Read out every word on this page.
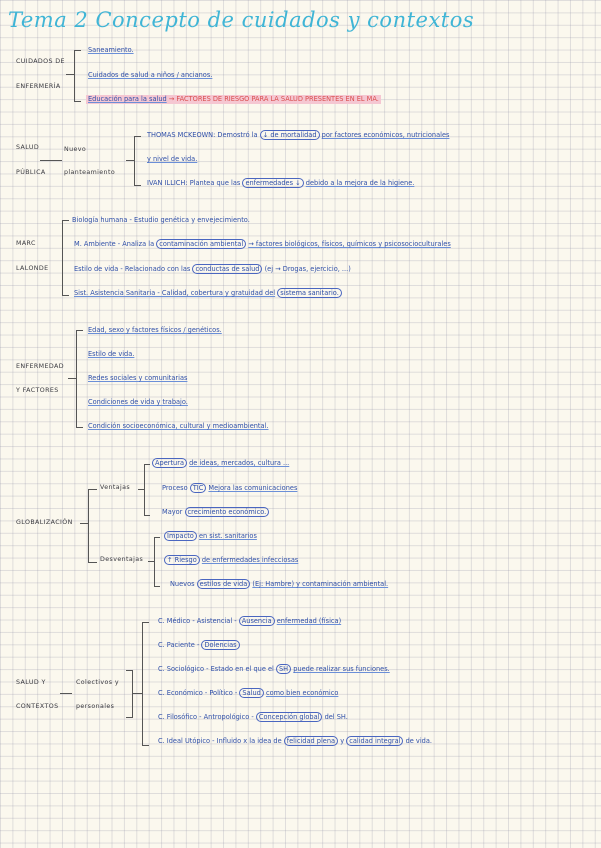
Tema 2 Concepto de cuidados y contextos
CUIDADOS DE
ENFERMERÍA
Saneamiento.
Cuidados de salud a niños / ancianos.
Educación para la salud → FACTORES DE RIESGO PARA LA SALUD PRESENTES EN EL MA.
SALUD
PÚBLICA
Nuevo
planteamiento
THOMAS MCKEOWN: Demostró la ↓ de mortalidad por factores económicos, nutricionales
y nivel de vida.
IVAN ILLICH: Plantea que las enfermedades ↓ debido a la mejora de la higiene.
MARC
LALONDE
Biología humana - Estudio genética y envejecimiento.
M. Ambiente - Analiza la contaminación ambiental → factores biológicos, físicos, químicos y psicosocioculturales
Estilo de vida - Relacionado con las conductas de salud (ej → Drogas, ejercicio, ...)
Sist. Asistencia Sanitaria - Calidad, cobertura y gratuidad del sistema sanitario.
ENFERMEDAD
Y FACTORES
Edad, sexo y factores físicos / genéticos.
Estilo de vida.
Redes sociales y comunitarias
Condiciones de vida y trabajo.
Condición socioeconómica, cultural y medioambiental.
GLOBALIZACIÓN
Ventajas
Apertura de ideas, mercados, cultura ...
Proceso TIC Mejora las comunicaciones
Mayor crecimiento económico.
Desventajas
Impacto en sist. sanitarios
↑ Riesgo de enfermedades infecciosas
Nuevos estilos de vida (Ej: Hambre) y contaminación ambiental.
SALUD Y
CONTEXTOS
Colectivos y
personales
C. Médico - Asistencial - Ausencia enfermedad (física)
C. Paciente - Dolencias
C. Sociológico - Estado en el que el SH puede realizar sus funciones.
C. Económico - Político - Salud como bien económico
C. Filosófico - Antropológico - Concepción global del SH.
C. Ideal Utópico - Influido x la idea de felicidad plena y calidad integral de vida.
